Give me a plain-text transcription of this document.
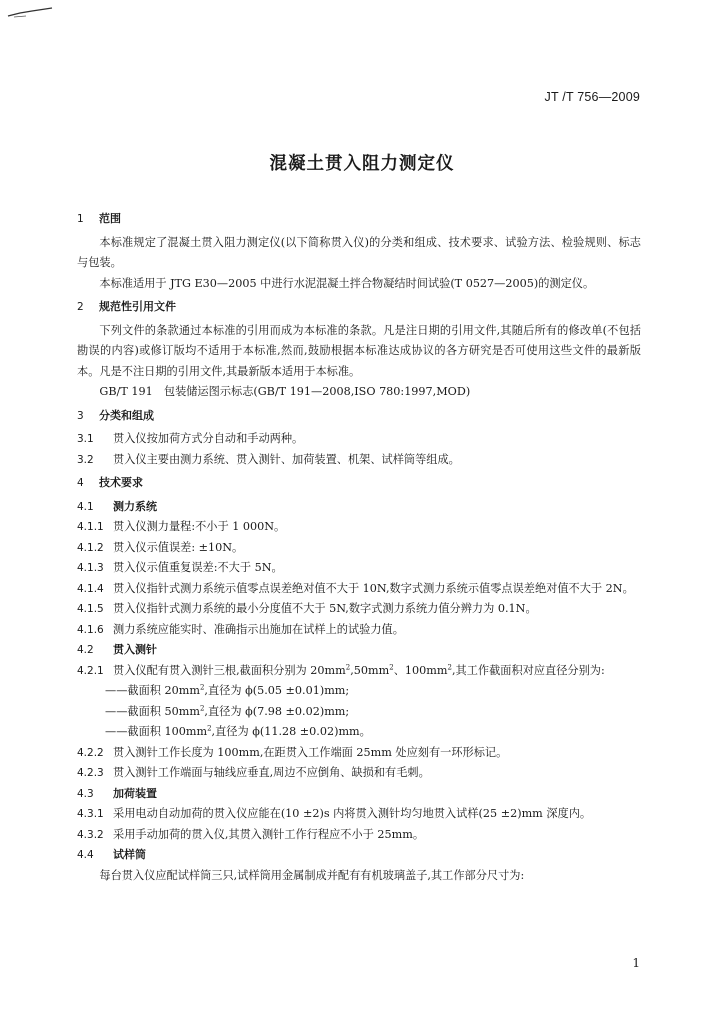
JT /T 756—2009
混凝土贯入阻力测定仪
1 范围
本标准规定了混凝土贯入阻力测定仪(以下简称贯入仪)的分类和组成、技术要求、试验方法、检验规则、标志与包装。
本标准适用于 JTG E30—2005 中进行水泥混凝土拌合物凝结时间试验(T 0527—2005)的测定仪。
2 规范性引用文件
下列文件的条款通过本标准的引用而成为本标准的条款。凡是注日期的引用文件,其随后所有的修改单(不包括勘误的内容)或修订版均不适用于本标准,然而,鼓励根据本标准达成协议的各方研究是否可使用这些文件的最新版本。凡是不注日期的引用文件,其最新版本适用于本标准。
GB/T 191　包装储运图示标志(GB/T 191—2008,ISO 780:1997,MOD)
3 分类和组成
3.1 贯入仪按加荷方式分自动和手动两种。
3.2 贯入仪主要由测力系统、贯入测针、加荷装置、机架、试样筒等组成。
4 技术要求
4.1 测力系统
4.1.1 贯入仪测力量程:不小于 1 000N。
4.1.2 贯入仪示值误差: ±10N。
4.1.3 贯入仪示值重复误差:不大于 5N。
4.1.4 贯入仪指针式测力系统示值零点误差绝对值不大于 10N,数字式测力系统示值零点误差绝对值不大于 2N。
4.1.5 贯入仪指针式测力系统的最小分度值不大于 5N,数字式测力系统力值分辨力为 0.1N。
4.1.6 测力系统应能实时、准确指示出施加在试样上的试验力值。
4.2 贯入测针
4.2.1 贯入仪配有贯入测针三根,截面积分别为 $20mm^2,50mm^2$、$100mm^2$,其工作截面积对应直径分别为:
——截面积 $20mm^2$,直径为 ϕ(5.05 ±0.01)mm;
——截面积 $50mm^2$,直径为 ϕ(7.98 ±0.02)mm;
——截面积 $100mm^2$,直径为 ϕ(11.28 ±0.02)mm。
4.2.2 贯入测针工作长度为 100mm,在距贯入工作端面 25mm 处应刻有一环形标记。
4.2.3 贯入测针工作端面与轴线应垂直,周边不应倒角、缺损和有毛刺。
4.3 加荷装置
4.3.1 采用电动自动加荷的贯入仪应能在(10 ±2)s 内将贯入测针均匀地贯入试样(25 ±2)mm 深度内。
4.3.2 采用手动加荷的贯入仪,其贯入测针工作行程应不小于 25mm。
4.4 试样筒
每台贯入仪应配试样筒三只,试样筒用金属制成并配有有机玻璃盖子,其工作部分尺寸为:
1
